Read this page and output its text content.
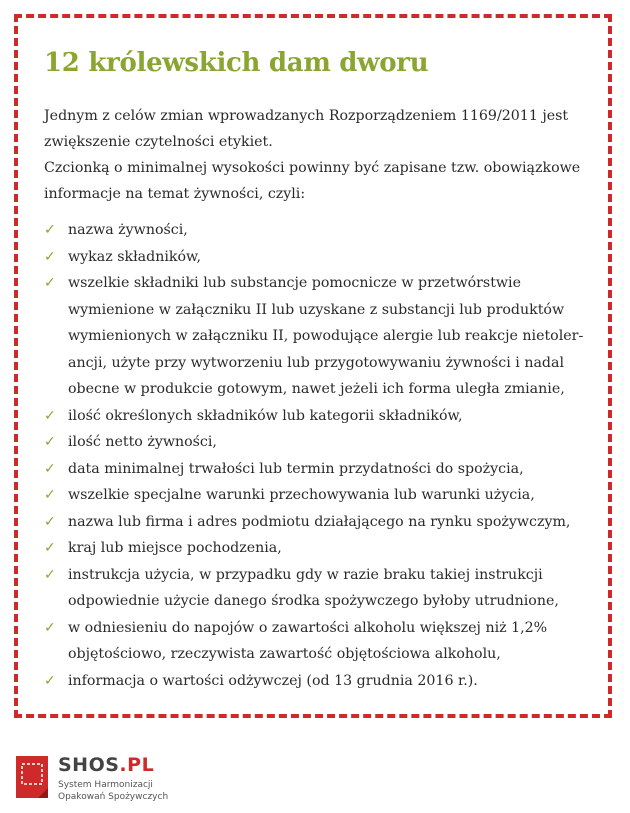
12 królewskich dam dworu

Jednym z celów zmian wprowadzanych Rozporządzeniem 1169/2011 jest zwiększenie czytelności etykiet.

Czcionką o minimalnej wysokości powinny być zapisane tzw. obowiązkowe informacje na temat żywności, czyli:

✓ nazwa żywności,
✓ wykaz składników,
✓ wszelkie składniki lub substancje pomocnicze w przetwórstwie wymienione w załączniku II lub uzyskane z substancji lub produktów wymienionych w załączniku II, powodujące alergie lub reakcje nietoler-ancji, użyte przy wytworzeniu lub przygotowywaniu żywności i nadal obecne w produkcie gotowym, nawet jeżeli ich forma uległa zmianie,
✓ ilość określonych składników lub kategorii składników,
✓ ilość netto żywności,
✓ data minimalnej trwałości lub termin przydatności do spożycia,
✓ wszelkie specjalne warunki przechowywania lub warunki użycia,
✓ nazwa lub firma i adres podmiotu działającego na rynku spożywczym,
✓ kraj lub miejsce pochodzenia,
✓ instrukcja użycia, w przypadku gdy w razie braku takiej instrukcji odpowiednie użycie danego środka spożywczego byłoby utrudnione,
✓ w odniesieniu do napojów o zawartości alkoholu większej niż 1,2% objętościowo, rzeczywista zawartość objętościowa alkoholu,
✓ informacja o wartości odżywczej (od 13 grudnia 2016 r.).
SHOS.PL
System Harmonizacji
Opakowań Spożywczych
